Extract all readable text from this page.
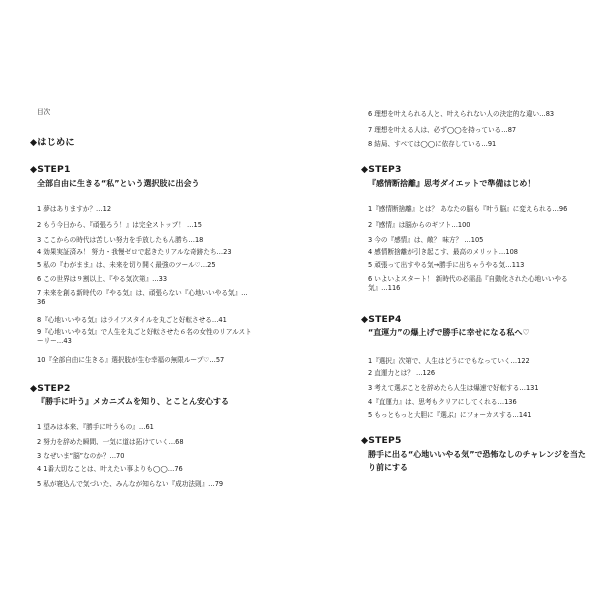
目次
◆はじめに
◆STEP1
全部自由に生きる“私”という選択肢に出会う
1 夢はありますか？…12
2 もう今日から、『頑張ろう！』は完全ストップ！ …15
3 ここからの時代は苦しい努力を手放したもん勝ち…18
4 効果実証済み！ 努力・我慢ゼロで起きたリアルな奇跡たち…23
5 私の『わがまま』は、未来を切り開く最強のツール♡…25
6 この世界は９割以上、『やる気次第』…33
7 未来を創る新時代の『やる気』は、頑張らない『心地いいやる気』…36
8『心地いいやる気』はライフスタイルを丸ごと好転させる…41
9『心地いいやる気』で人生を丸ごと好転させた６名の女性のリアルストーリー…43
10『全部自由に生きる』選択肢が生む幸福の無限ループ♡…57
◆STEP2
『勝手に叶う』メカニズムを知り、とことん安心する
1 望みは本来、『勝手に叶うもの』…61
2 努力を辞めた瞬間、一気に道は拓けていく…68
3 なぜいま“脳”なのか？…70
4 1番大切なことは、叶えたい事よりも◯◯…76
5 私が寝込んで気づいた、みんなが知らない『成功法則』…79
6 理想を叶えられる人と、叶えられない人の決定的な違い…83
7 理想を叶える人は、必ず◯◯を持っている…87
8 結局、すべては◯◯に依存している…91
◆STEP3
『感情断捨離』思考ダイエットで準備はじめ！
1『感情断捨離』とは？ あなたの脳も『叶う脳』に変えられる…96
2『感情』は脳からのギフト…100
3 今の『感情』は、敵？ 味方？ …105
4 感情断捨離が引き起こす、最高のメリット…108
5 頑張って出すやる気→勝手に出ちゃうやる気…113
6 いよいよスタート！ 新時代の必需品『自動化された心地いいやる気』…116
◆STEP4
“直運力”の爆上げで勝手に幸せになる私へ♡
1『選択』次第で、人生はどうにでもなっていく…122
2 直運力とは？ …126
3 考えて選ぶことを辞めたら人生は爆速で好転する…131
4『直運力』は、思考もクリアにしてくれる…136
5 もっともっと大胆に『選ぶ』にフォーカスする…141
◆STEP5
勝手に出る“心地いいやる気”で恐怖なしのチャレンジを当たり前にする
